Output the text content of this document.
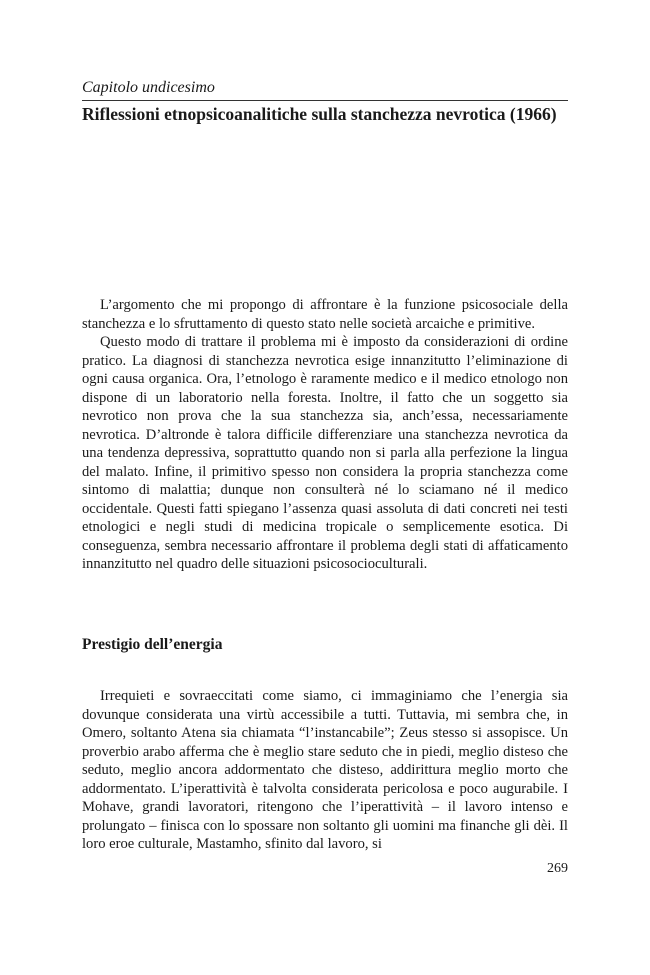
Capitolo undicesimo
Riflessioni etnopsicoanalitiche sulla stanchezza nevrotica (1966)

L’argomento che mi propongo di affrontare è la funzione psicosociale della stanchezza e lo sfruttamento di questo stato nelle società arcaiche e primitive.

Questo modo di trattare il problema mi è imposto da considerazioni di ordine pratico. La diagnosi di stanchezza nevrotica esige innanzitutto l’eliminazione di ogni causa organica. Ora, l’etnologo è raramente medico e il medico etnologo non dispone di un laboratorio nella foresta. Inoltre, il fatto che un soggetto sia nevrotico non prova che la sua stanchezza sia, anch’essa, necessariamente nevrotica. D’altronde è talora difficile differenziare una stanchezza nevrotica da una tendenza depressiva, soprattutto quando non si parla alla perfezione la lingua del malato. Infine, il primitivo spesso non considera la propria stanchezza come sintomo di malattia; dunque non consulterà né lo sciamano né il medico occidentale. Questi fatti spiegano l’assenza quasi assoluta di dati concreti nei testi etnologici e negli studi di medicina tropicale o semplicemente esotica. Di conseguenza, sembra necessario affrontare il problema degli stati di affaticamento innanzitutto nel quadro delle situazioni psicosocioculturali.

Prestigio dell’energia

Irrequieti e sovraeccitati come siamo, ci immaginiamo che l’energia sia dovunque considerata una virtù accessibile a tutti. Tuttavia, mi sembra che, in Omero, soltanto Atena sia chiamata “l’instancabile”; Zeus stesso si assopisce. Un proverbio arabo afferma che è meglio stare seduto che in piedi, meglio disteso che seduto, meglio ancora addormentato che disteso, addirittura meglio morto che addormentato. L’iperattività è talvolta considerata pericolosa e poco augurabile. I Mohave, grandi lavoratori, ritengono che l’iperattività – il lavoro intenso e prolungato – finisca con lo spossare non soltanto gli uomini ma finanche gli dèi. Il loro eroe culturale, Mastamho, sfinito dal lavoro, si

269
